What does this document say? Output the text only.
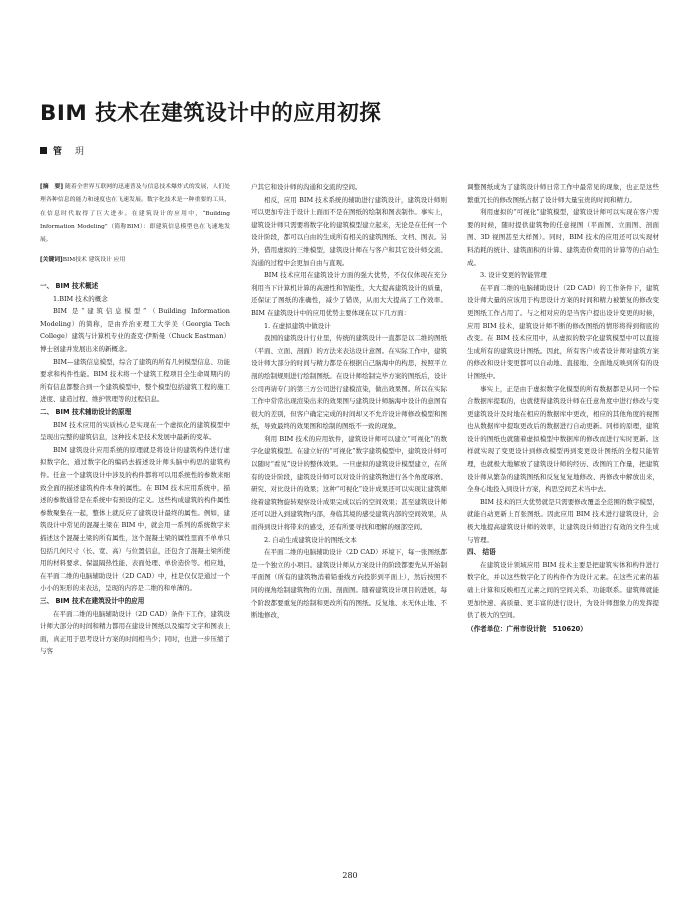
BIM 技术在建筑设计中的应用初探
管 玥

[摘　要] 随着全世界互联网的迅速普及与信息技术爆炸式的发展，人们处理各种信息的能力和速度也在飞速发展。数字化技术是一种重要的工具，在信息时代取得了巨大进步。在建筑设计的应用中，“Building Information Modeling”（简称BIM）：即建筑信息模型也在飞速地发展。

[关键词]BIM技术 建筑设计 应用

一、 BIM 技术概述

1.BIM 技术的概念

BIM 是“建筑信息模型”（Building Information Modeling）的简称，是由乔治亚理工大学美（Georgia Tech College）建筑与计算机专业的查克·伊斯曼（Chuck Eastman）博士创建并发展出来的新概念。

BIM—建筑信息模型，综合了建筑的所有几何模型信息、功能要求和构件性能。BIM 技术将一个建筑工程项目全生命周期内的所有信息都整合到一个建筑模型中，整个模型包括建筑工程的施工进度、建造过程、维护管理等的过程信息。

二、 BIM 技术辅助设计的原理

BIM 技术应用的实质核心是实现在一个虚拟化的建筑模型中呈现出完整的建筑信息，这种技术是技术发展中最新的变革。

BIM 建筑设计应用系统的原理就是将设计的建筑构件进行虚拟数字化，通过数字化的编码去描述设计师头脑中构思的建筑构件。任意一个建筑设计中涉及的构件都将可以用系统性的参数来细致全面的描述建筑构件本身的属性。在 BIM 技术应用系统中，描述的参数通常是在系统中有预设的定义。这些构成建筑的构件属性参数聚集在一起，整体上就反应了建筑设计最终的属性。例如，建筑设计中常见的混凝土梁在 BIM 中，就会用一系列的系统数字来描述这个混凝土梁的所有属性，这个混凝土梁的属性里面不单单只包括几何尺寸（长、宽、高）与位置信息，还包含了混凝土梁所使用的材料要求、保温隔热性能、表面处理、单价造价等。相应地，在平面二维的电脑辅助设计（2D CAD）中，柱是仅仅是通过一个小小的矩形的来表达，呈现的内容是二维的和单薄的。

三、 BIM 技术在建筑设计中的应用

在平面二维的电脑辅助设计（2D CAD）条件下工作，建筑设计师大部分的时间和精力都用在建设计图纸以及编写文字和图表上面，真正用于思考设计方案的时间相当少；同时，也进一步压缩了与客

户其它和设计师的沟通和交流的空间。

相反，应用 BIM 技术系统的辅助进行建筑设计，建筑设计师则可以更加专注于设计上面而不是在图纸的绘制和图表制作。事实上，建筑设计师只需要将数字化的建筑模型建立起来，无论是在任何一个设计阶段，都可以自由的生成所有相关的建筑图纸、文档、图表。另外，借用虚拟的三维模型，建筑设计师在与客户和其它设计师交流、沟通的过程中会更加自由与直观。

BIM 技术应用在建筑设计方面的强大优势，不仅仅体现在充分利用当下计算机计算的高速性和智能性，大大提高建筑设计的质量，还保证了图纸的准确性，减少了错误，从而大大提高了工作效率。BIM 在建筑设计中的应用优势主要体现在以下几方面：

1. 在虚拟建筑中做设计

我国的建筑设计行业里，传统的建筑设计一直都是以二维的图纸（平面、立面、剖面）的方法来表达设计意图。在实际工作中，建筑设计师大部分的时间与精力都是在根据自己脑海中的构思，按照平立剖的绘制规则进行绘制图纸。在设计师绘制完毕方案的图纸后，设计公司再请专门的第三方公司进行建模渲染，做出效果图。所以在实际工作中常常出现渲染出来的效果图与建筑设计师脑海中设计的意图有很大的差别，但客户确定完成的时间却又不允许设计师修改模型和图纸，导致最终的效果图和绘制的图纸不一致的现象。

利用 BIM 技术的应用软件，建筑设计师可以建立“可视化”的数字化建筑模型。在建立好的“可视化”数字建筑模型中，建筑设计师可以随时“看见”设计的整体效果。一旦虚拟的建筑设计模型建立，在所有的设计阶段，建筑设计师可以对设计的建筑物进行各个角度琢磨、研究、对比设计的效果；这种“可视化”设计成果还可以实现让建筑师绕着建筑物旋转观察设计成果完成以后的空间效果；甚至建筑设计师还可以进入到建筑物内部，身临其境的感受建筑内部的空间效果，从而得到设计将带来的感受，还有所要寻找和理解的细部空间。

2. 自动生成建筑设计的图纸文本

在平面二维的电脑辅助设计（2D CAD）环境下，每一张图纸都是一个独立的小项目。建筑设计师从方案设计的阶段都要先从开始制平面图（所有的建筑物消着铅垂线方向投影到平面上），然后按照不同的视角绘制建筑物的立面、剖面图。随着建筑设计项目的进展，每个阶段都要重复的绘制和更改所有的图纸。反复地、永无休止地、不断地修改，

调整图纸成为了建筑设计师日常工作中最常见的现象，也正是这些繁重冗长的修改图纸占据了设计师大量宝贵的时间和精力。

利用虚拟的“可视化”建筑模型，建筑设计师可以实现在客户需要的时候，随时提供建筑物的任意视图（平面图、立面图、剖面图、3D 视图甚至大样图）。同时，BIM 技术的应用还可以实现材料消耗的统计、建筑面积的计算、建筑造价费用的计算等的自动生成。

3. 设计变更的智能管理

在平面二维的电脑辅助设计（2D CAD）的工作条件下，建筑设计师大量的应该用于构思设计方案的时间和精力被繁复的修改变更图纸工作占用了。与之相对应的是当客户提出设计变更的时候，应用 BIM 技术，建筑设计师不断的修改图纸的情形将得到彻底的改变。在 BIM 技术应用中，从虚拟的数字化建筑模型中可以直接生成所有的建筑设计图纸。因此，所有客户或者设计师对建筑方案的修改和设计变更都可以自动地、直接地、全面地反映到所有的设计图纸中。

事实上，正是由于虚拟数字化模型的所有数据都是从同一个综合数据库提取的，也就使得建筑设计师在任意角度中进行修改与变更建筑设计及时地在相应的数据库中更改，相应的其他角度的视图也从数据库中提取更改后的数据进行自动更新。同样的原理，建筑设计的图纸也就随着虚拟模型中数据库的修改而进行实时更新。这样就实现了变更设计到修改模型再到变更设计图纸的全程只能管理，也就极大地解放了建筑设计师的经历、改图的工作量，把建筑设计师从繁杂的建筑图纸和反复复复地修改、再修改中解放出来，全身心地投入到设计方案，构思空间艺术当中去。

BIM 技术的巨大优势就是只需要修改覆盖全范围的数字模型，就能自动更新上百张图纸。因此应用 BIM 技术进行建筑设计，会极大地提高建筑设计师的效率，让建筑设计师进行有效的文件生成与管理。

四、 结语

在建筑设计领域应用 BIM 技术主要是把建筑实体和构件进行数字化，并以这些数字化了的构件作为设计元素。在这些元素的基础上计算和反映相互元素之间的空间关系、功能联系。建筑师就能更加快速、高质量、更丰富的进行设计，为设计师想象力的发挥提供了极大的空间。

（作者单位：广州市设计院　510620）

280
